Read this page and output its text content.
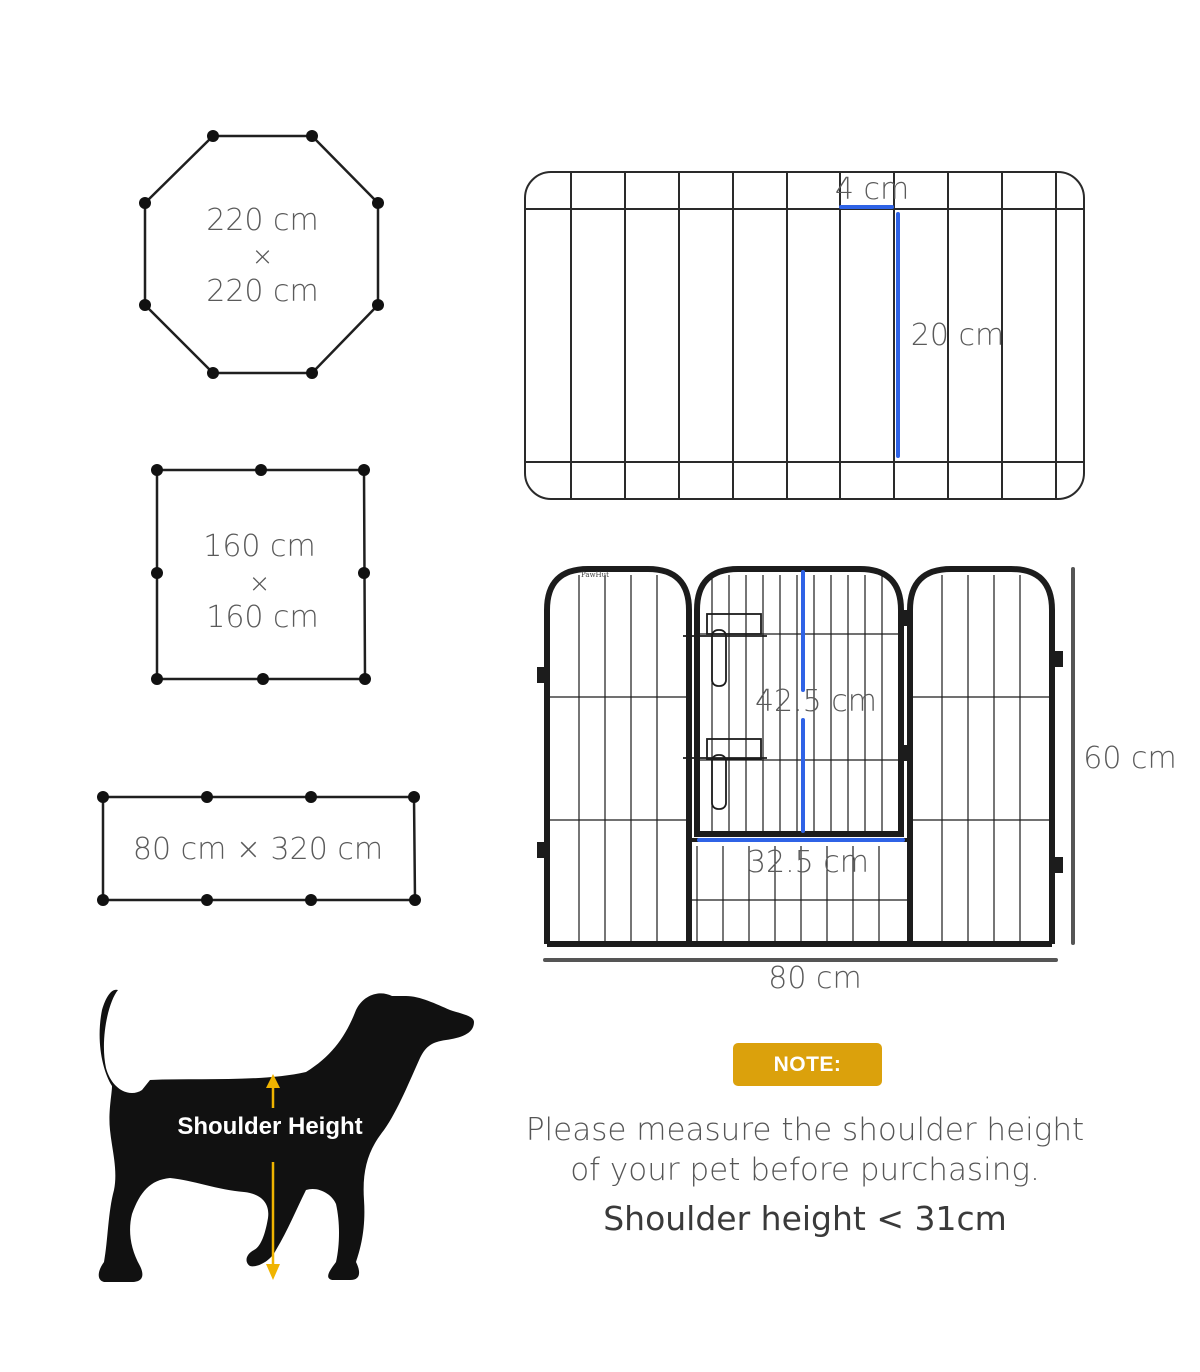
PawHut
220 cm
×
220 cm
160 cm
×
160 cm
80 cm × 320 cm
4 cm
20 cm
42.5 cm
32.5 cm
60 cm
80 cm
Shoulder Height
NOTE:
Please measure the shoulder height
of your pet before purchasing.
Shoulder height < 31cm
